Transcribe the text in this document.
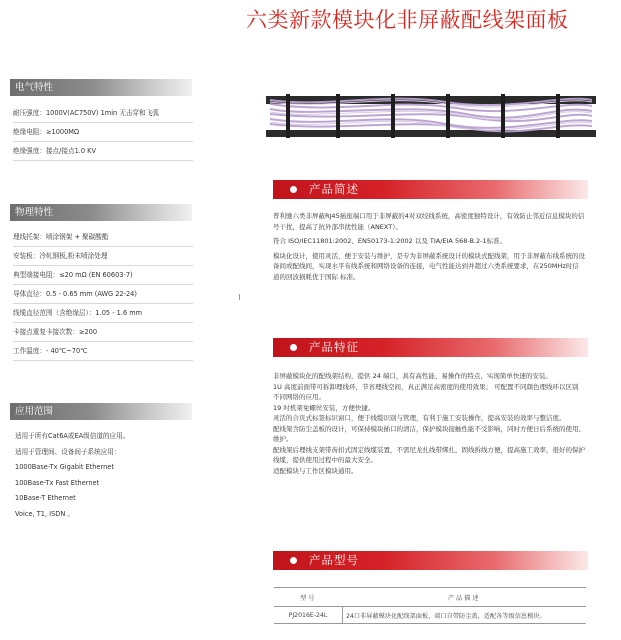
六类新款模块化非屏蔽配线架面板
电气特性
耐压强度：1000V(AC750V) 1min 无击穿和飞弧
绝缘电阻：≥1000MΩ
绝缘强度：接点/接点1.0 KV
物理特性
理线托架：喷涂钢架 + 聚碳酸酯
安装板：冷轧钢板,粉末喷涂处理
典型端接电阻：≤20 mΩ (EN 60603-7)
导体直径：0.5 - 0.65 mm (AWG 22-24)
线缆直径范围（含绝缘层）：1.05 - 1.6 mm
卡接点重复卡接次数：≥200
工作温度：- 40℃~70℃
应用范围
适用于所有Cat6A或EA级信道的应用。
适用于管理间、设备间子系统应用：
1000Base-Tx Gigabit Ethernet
100Base-Tx Fast Ethernet
10Base-T Ethernet
Voice, T1, ISDN 。
产品简述

普利驰六类非屏蔽RJ45插座端口用于非屏蔽的4对双绞线系统，高密度独特设计，有效防止邻近信息模块的信号干扰，提高了抗外部串扰性能（ANEXT）。

符合 ISO/IEC11801:2002、EN50173-1:2002 以及 TIA/EIA 568-B.2-1标准。

模块化设计，使用灵活，便于安装与维护，是专为非屏蔽系统设计的模块式配线架，用于非屏蔽布线系统的设备间或配线间，实现水平布线系统和网络设备的连接，电气性能达到并超过六类系统要求，在250MHz时信道的回波损耗优于国际 标准。

产品特征

非屏蔽模块化的配线架结构，提供 24 端口，具有高性能、易操作的特点，实现简单快速的安装。

1U 高度前面带可拆卸理线环，节省理线空间，真正满足高密度的使用效果； 可配置不同颜色理线环以区别不同网络的应用。

19 吋机架免螺丝安装，方便快捷。

灵活的合页式标签标识窗口，便于线缆识别与管理，有利于施工安装操作，提高安装的效率与整洁度。

配线架含防尘盖板的设计，可保持模块插口的清洁，保护模块接触性能不受影响，同时方便日后系统的使用、维护。

配线架后理线支架带齿扣式固定线缆装置，不需尼龙扎线带绑扎，固线拆线方便，提高施工效率，很好的保护线缆，提供使用过程中的最大安全。

适配模块与工作区模块通用。

产品型号
型号	产品描述
PJ2016E-24L	24口非屏蔽模块化配线架面板，端口自带防尘盖，适配各等级信息模块。
